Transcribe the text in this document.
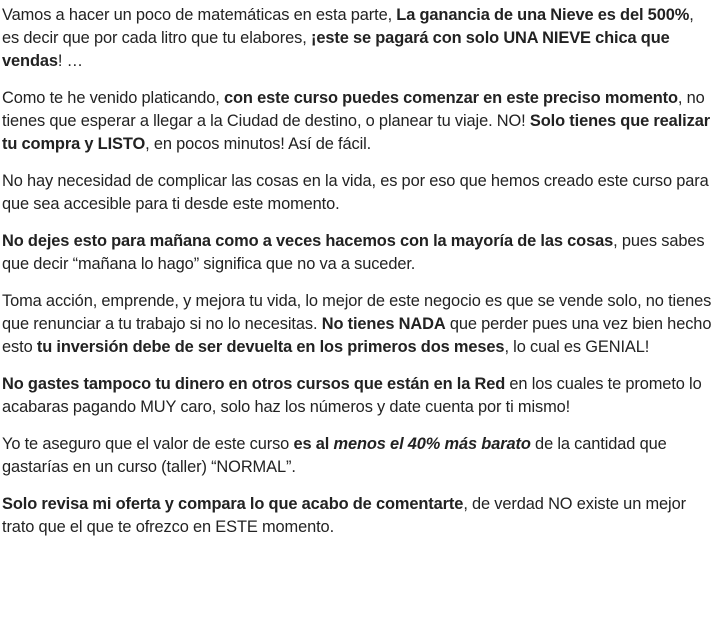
Vamos a hacer un poco de matemáticas en esta parte, La ganancia de una Nieve es del 500%, es decir que por cada litro que tu elabores, ¡este se pagará con solo UNA NIEVE chica que vendas! …

Como te he venido platicando, con este curso puedes comenzar en este preciso momento, no tienes que esperar a llegar a la Ciudad de destino, o planear tu viaje. NO! Solo tienes que realizar tu compra y LISTO, en pocos minutos! Así de fácil.

No hay necesidad de complicar las cosas en la vida, es por eso que hemos creado este curso para que sea accesible para ti desde este momento.

No dejes esto para mañana como a veces hacemos con la mayoría de las cosas, pues sabes que decir “mañana lo hago” significa que no va a suceder.

Toma acción, emprende, y mejora tu vida, lo mejor de este negocio es que se vende solo, no tienes que renunciar a tu trabajo si no lo necesitas. No tienes NADA que perder pues una vez bien hecho esto tu inversión debe de ser devuelta en los primeros dos meses, lo cual es GENIAL!

No gastes tampoco tu dinero en otros cursos que están en la Red en los cuales te prometo lo acabaras pagando MUY caro, solo haz los números y date cuenta por ti mismo!

Yo te aseguro que el valor de este curso es al menos el 40% más barato de la cantidad que gastarías en un curso (taller) “NORMAL”.

Solo revisa mi oferta y compara lo que acabo de comentarte, de verdad NO existe un mejor trato que el que te ofrezco en ESTE momento.
